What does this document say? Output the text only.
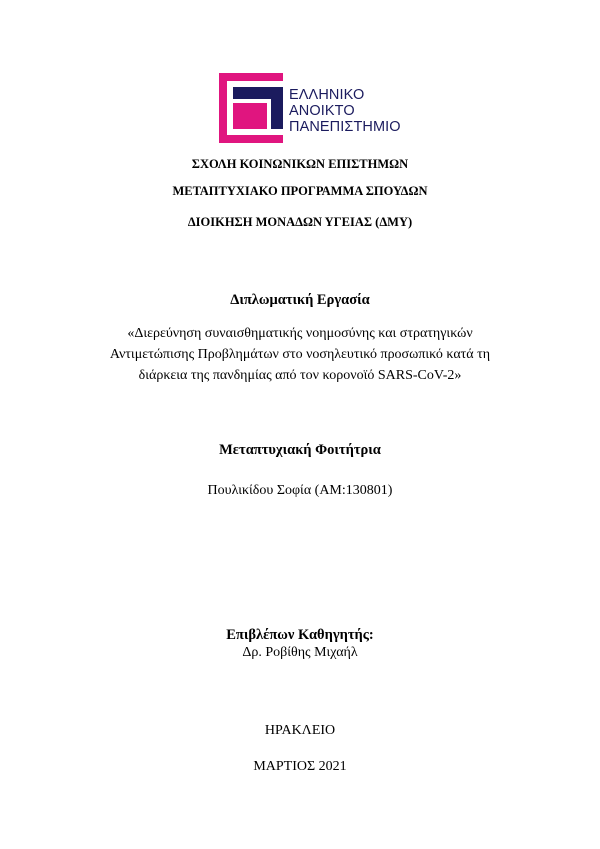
ΕΛΛΗΝΙΚΟ
ΑΝΟΙΚΤΟ
ΠΑΝΕΠΙΣΤΗΜΙΟ
ΣΧΟΛΗ ΚΟΙΝΩΝΙΚΩΝ ΕΠΙΣΤΗΜΩΝ
ΜΕΤΑΠΤΥΧΙΑΚΟ ΠΡΟΓΡΑΜΜΑ ΣΠΟΥΔΩΝ
ΔΙΟΙΚΗΣΗ ΜΟΝΑΔΩΝ ΥΓΕΙΑΣ (ΔΜΥ)
Διπλωματική Εργασία
«Διερεύνηση συναισθηματικής νοημοσύνης και στρατηγικών
Αντιμετώπισης Προβλημάτων στο νοσηλευτικό προσωπικό κατά τη
διάρκεια της πανδημίας από τον κορονοϊό SARS-CoV-2»
Μεταπτυχιακή Φοιτήτρια
Πουλικίδου Σοφία (ΑΜ:130801)
Επιβλέπων Καθηγητής:
Δρ. Ροβίθης Μιχαήλ
ΗΡΑΚΛΕΙΟ
ΜΑΡΤΙΟΣ 2021
